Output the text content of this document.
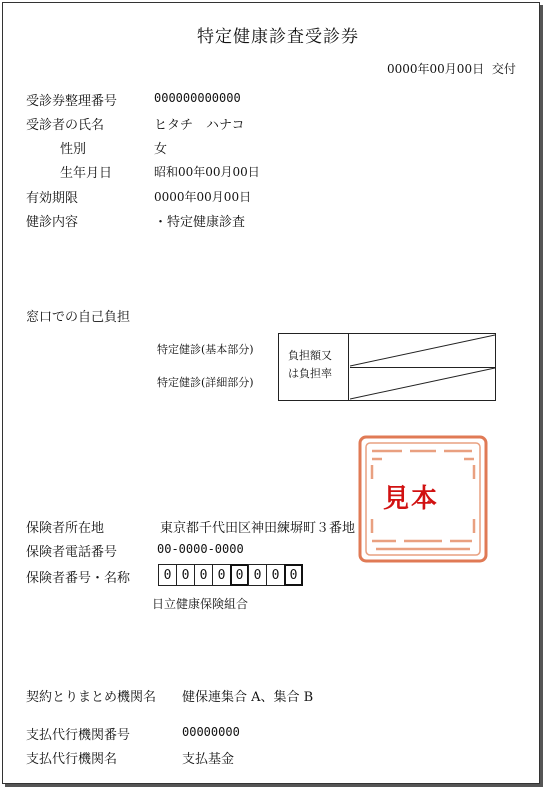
特定健康診査受診券
0000年00月00日 交付
受診券整理番号	000000000000
受診者の氏名	ヒタチ　ハナコ
性別	女
生年月日	昭和00年00月00日
有効期限	0000年00月00日
健診内容	・特定健康診査
窓口での自己負担
特定健診(基本部分)
特定健診(詳細部分)
負担額又
は負担率
見本
保険者所在地	東京都千代田区神田練塀町３番地
保険者電話番号	00-0000-0000
保険者番号・名称	0 0 0 0 0 0 0 0
日立健康保険組合
契約とりまとめ機関名 健保連集合 A、集合 B
支払代行機関番号	00000000
支払代行機関名	支払基金
